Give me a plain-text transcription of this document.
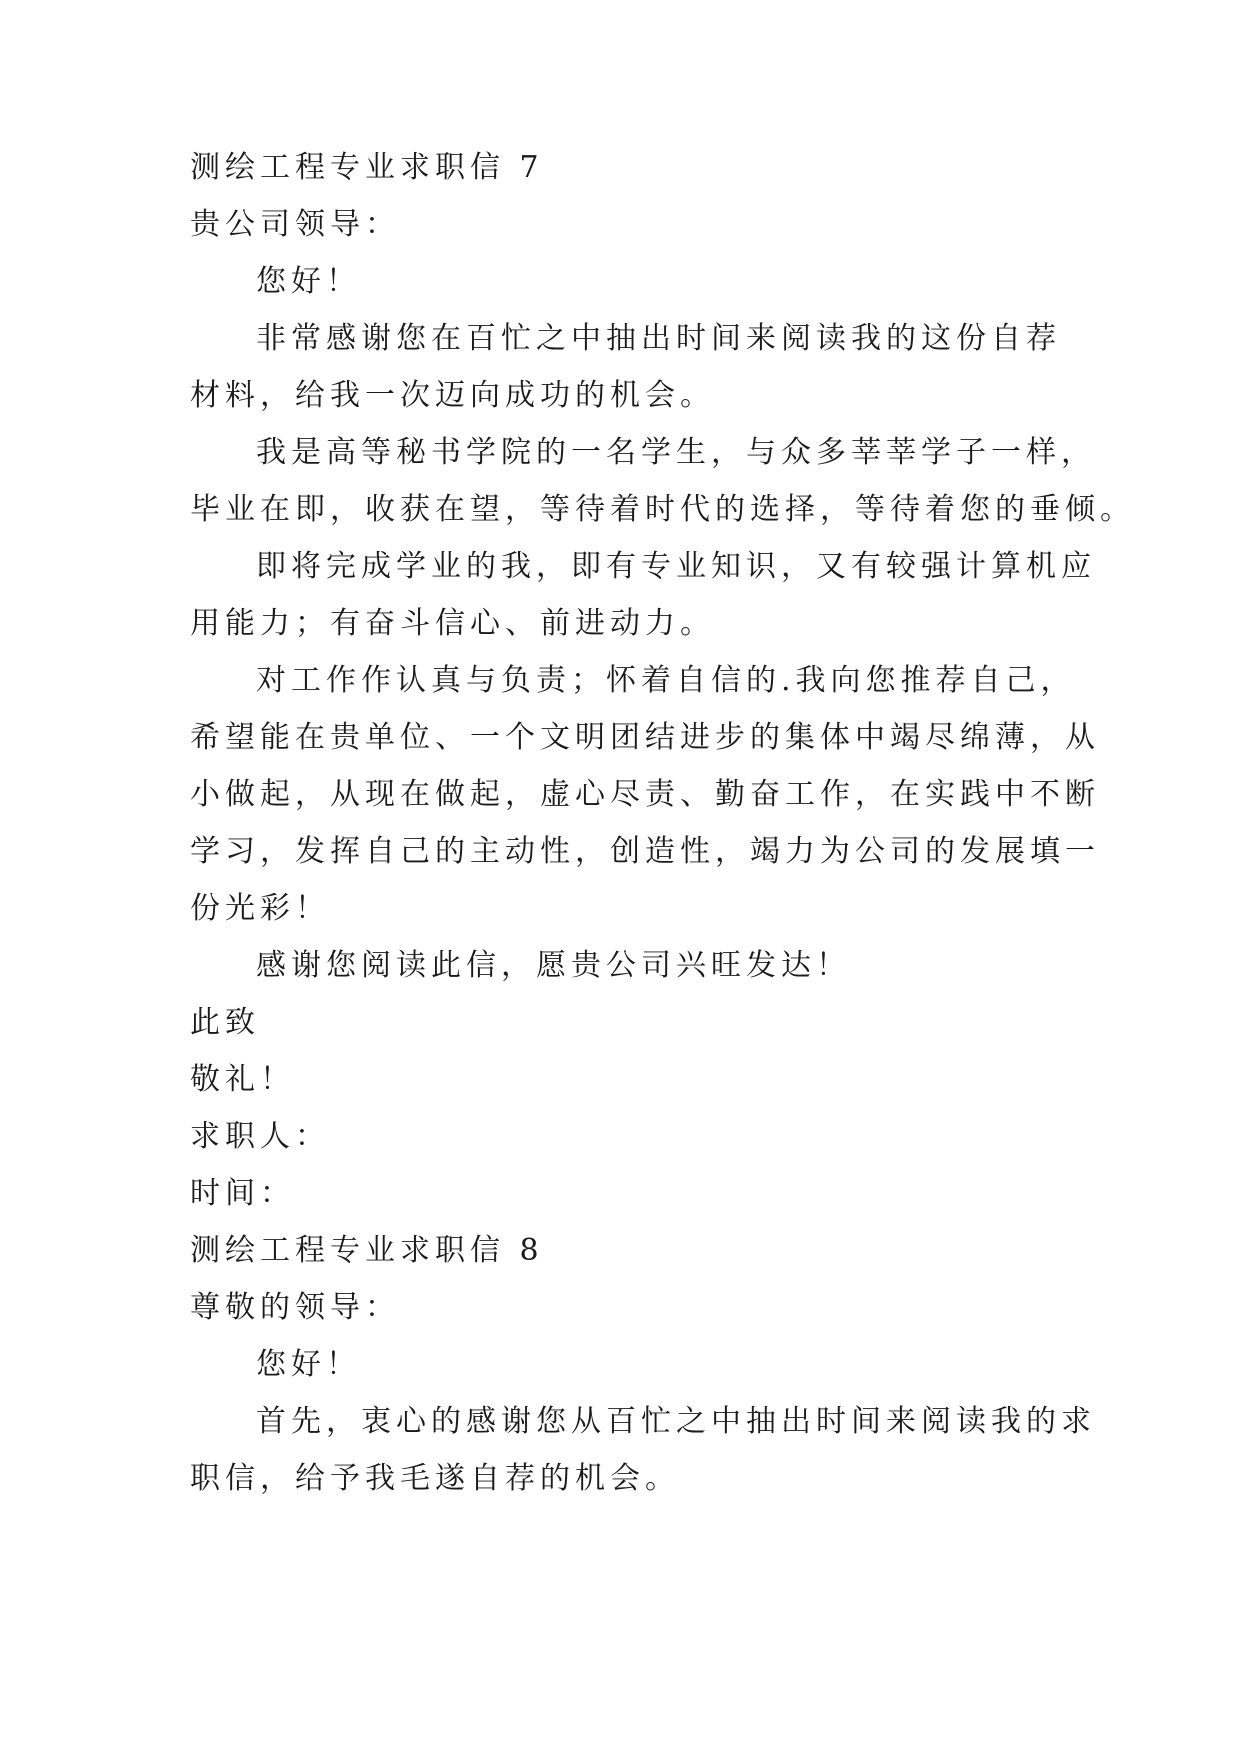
测绘工程专业求职信 7
贵公司领导：
您好！
非常感谢您在百忙之中抽出时间来阅读我的这份自荐
材料，给我一次迈向成功的机会。
我是高等秘书学院的一名学生，与众多莘莘学子一样，
毕业在即，收获在望，等待着时代的选择，等待着您的垂倾。
即将完成学业的我，即有专业知识，又有较强计算机应
用能力；有奋斗信心、前进动力。
对工作作认真与负责；怀着自信的.我向您推荐自己，
希望能在贵单位、一个文明团结进步的集体中竭尽绵薄，从
小做起，从现在做起，虚心尽责、勤奋工作，在实践中不断
学习，发挥自己的主动性，创造性，竭力为公司的发展填一
份光彩！
感谢您阅读此信，愿贵公司兴旺发达！
此致
敬礼！
求职人：
时间：
测绘工程专业求职信 8
尊敬的领导：
您好！
首先，衷心的感谢您从百忙之中抽出时间来阅读我的求
职信，给予我毛遂自荐的机会。
